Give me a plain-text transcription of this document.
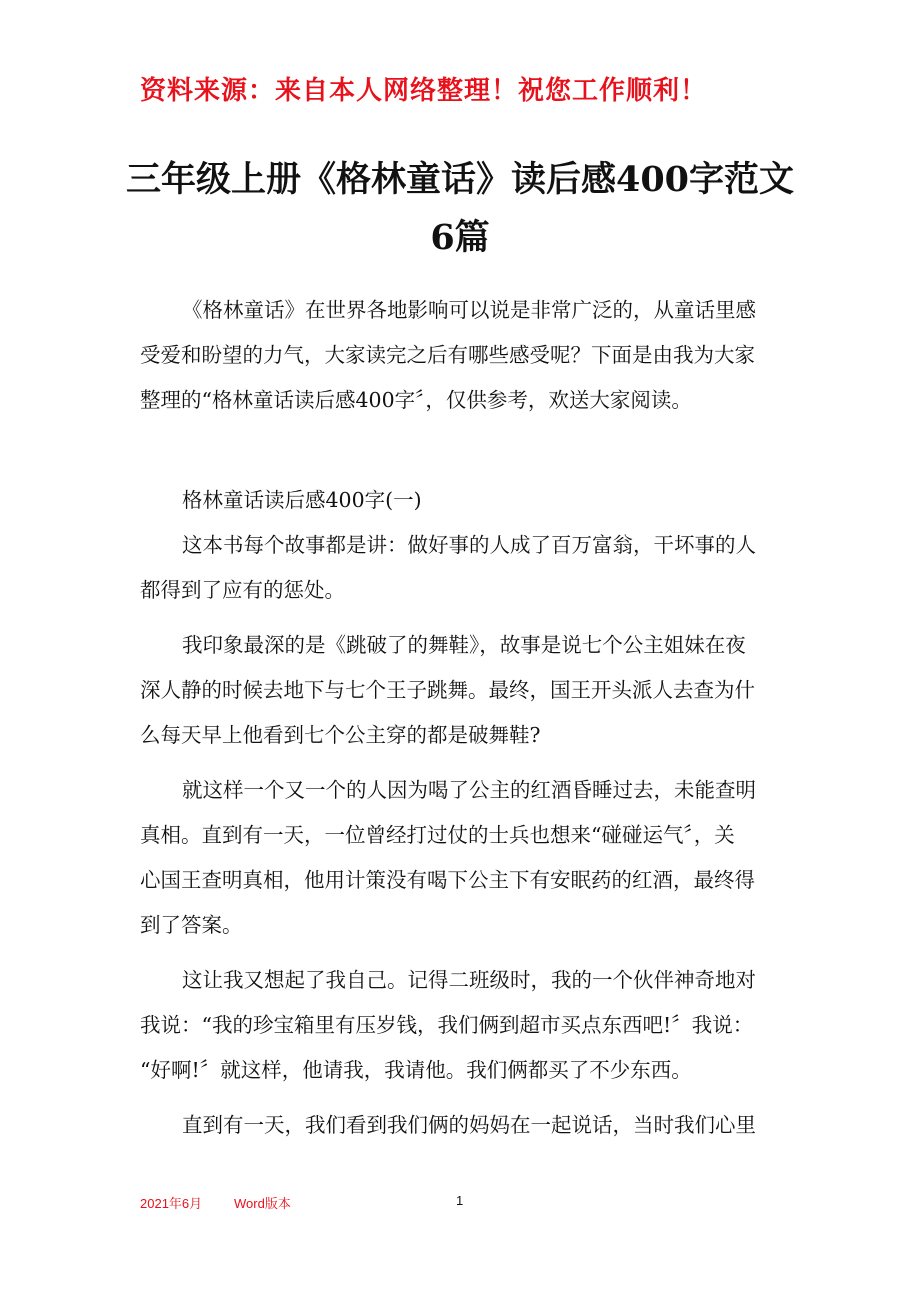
资料来源：来自本人网络整理！祝您工作顺利！
三年级上册《格林童话》读后感400字范文
6篇
《格林童话》在世界各地影响可以说是非常广泛的，从童话里感
受爱和盼望的力气，大家读完之后有哪些感受呢？下面是由我为大家
整理的“格林童话读后感400字〞，仅供参考，欢送大家阅读。
格林童话读后感400字(一)
这本书每个故事都是讲：做好事的人成了百万富翁，干坏事的人
都得到了应有的惩处。
我印象最深的是《跳破了的舞鞋》，故事是说七个公主姐妹在夜
深人静的时候去地下与七个王子跳舞。最终，国王开头派人去查为什
么每天早上他看到七个公主穿的都是破舞鞋?
就这样一个又一个的人因为喝了公主的红酒昏睡过去，未能查明
真相。直到有一天，一位曾经打过仗的士兵也想来“碰碰运气〞，关
心国王查明真相，他用计策没有喝下公主下有安眠药的红酒，最终得
到了答案。
这让我又想起了我自己。记得二班级时，我的一个伙伴神奇地对
我说：“我的珍宝箱里有压岁钱，我们俩到超市买点东西吧!〞我说：
“好啊!〞就这样，他请我，我请他。我们俩都买了不少东西。
直到有一天，我们看到我们俩的妈妈在一起说话，当时我们心里
2021年6月 Word版本	1
